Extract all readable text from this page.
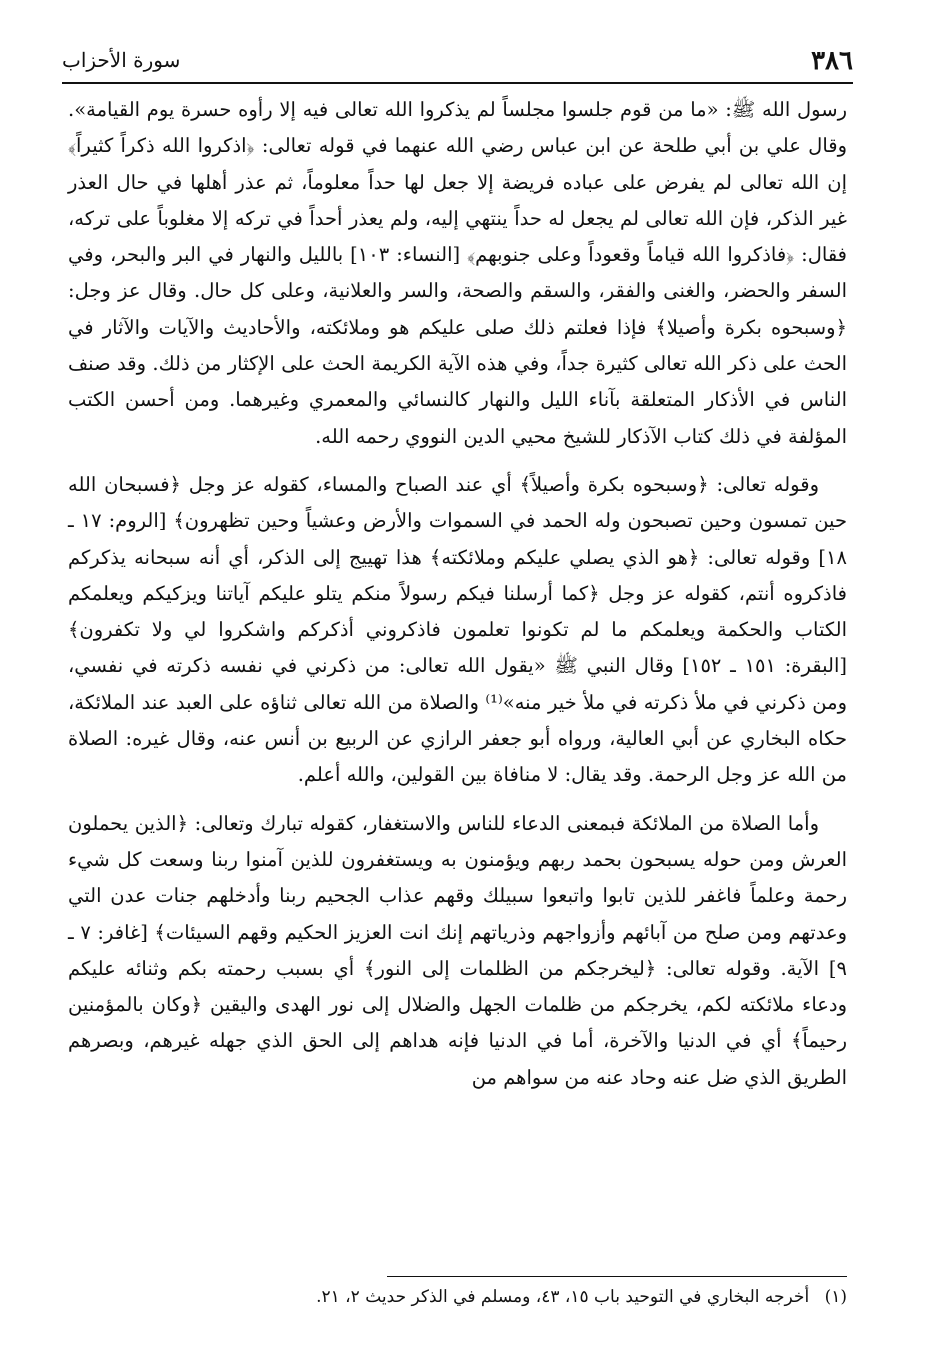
٣٨٦
سورة الأحزاب

رسول الله ﷺ: «ما من قوم جلسوا مجلساً لم يذكروا الله تعالى فيه إلا رأوه حسرة يوم القيامة». وقال علي بن أبي طلحة عن ابن عباس رضي الله عنهما في قوله تعالى: ﴿اذكروا الله ذكراً كثيراً﴾ إن الله تعالى لم يفرض على عباده فريضة إلا جعل لها حداً معلوماً، ثم عذر أهلها في حال العذر غير الذكر، فإن الله تعالى لم يجعل له حداً ينتهي إليه، ولم يعذر أحداً في تركه إلا مغلوباً على تركه، فقال: ﴿فاذكروا الله قياماً وقعوداً وعلى جنوبهم﴾ [النساء: ١٠٣] بالليل والنهار في البر والبحر، وفي السفر والحضر، والغنى والفقر، والسقم والصحة، والسر والعلانية، وعلى كل حال. وقال عز وجل: ﴿وسبحوه بكرة وأصيلا﴾ فإذا فعلتم ذلك صلى عليكم هو وملائكته، والأحاديث والآيات والآثار في الحث على ذكر الله تعالى كثيرة جداً، وفي هذه الآية الكريمة الحث على الإكثار من ذلك. وقد صنف الناس في الأذكار المتعلقة بآناء الليل والنهار كالنسائي والمعمري وغيرهما. ومن أحسن الكتب المؤلفة في ذلك كتاب الآذكار للشيخ محيي الدين النووي رحمه الله.

وقوله تعالى: ﴿وسبحوه بكرة وأصيلاً﴾ أي عند الصباح والمساء، كقوله عز وجل ﴿فسبحان الله حين تمسون وحين تصبحون وله الحمد في السموات والأرض وعشياً وحين تظهرون﴾ [الروم: ١٧ ـ ١٨] وقوله تعالى: ﴿هو الذي يصلي عليكم وملائكته﴾ هذا تهييج إلى الذكر، أي أنه سبحانه يذكركم فاذكروه أنتم، كقوله عز وجل ﴿كما أرسلنا فيكم رسولاً منكم يتلو عليكم آياتنا ويزكيكم ويعلمكم الكتاب والحكمة ويعلمكم ما لم تكونوا تعلمون فاذكروني أذكركم واشكروا لي ولا تكفرون﴾ [البقرة: ١٥١ ـ ١٥٢] وقال النبي ﷺ «يقول الله تعالى: من ذكرني في نفسه ذكرته في نفسي، ومن ذكرني في ملأ ذكرته في ملأ خير منه»⁽¹⁾ والصلاة من الله تعالى ثناؤه على العبد عند الملائكة، حكاه البخاري عن أبي العالية، ورواه أبو جعفر الرازي عن الربيع بن أنس عنه، وقال غيره: الصلاة من الله عز وجل الرحمة. وقد يقال: لا منافاة بين القولين، والله أعلم.

وأما الصلاة من الملائكة فبمعنى الدعاء للناس والاستغفار، كقوله تبارك وتعالى: ﴿الذين يحملون العرش ومن حوله يسبحون بحمد ربهم ويؤمنون به ويستغفرون للذين آمنوا ربنا وسعت كل شيء رحمة وعلماً فاغفر للذين تابوا واتبعوا سبيلك وقهم عذاب الجحيم ربنا وأدخلهم جنات عدن التي وعدتهم ومن صلح من آبائهم وأزواجهم وذرياتهم إنك انت العزيز الحكيم وقهم السيئات﴾ [غافر: ٧ ـ ٩] الآية. وقوله تعالى: ﴿ليخرجكم من الظلمات إلى النور﴾ أي بسبب رحمته بكم وثنائه عليكم ودعاء ملائكته لكم، يخرجكم من ظلمات الجهل والضلال إلى نور الهدى واليقين ﴿وكان بالمؤمنين رحيماً﴾ أي في الدنيا والآخرة، أما في الدنيا فإنه هداهم إلى الحق الذي جهله غيرهم، وبصرهم الطريق الذي ضل عنه وحاد عنه من سواهم من

(١) أخرجه البخاري في التوحيد باب ١٥، ٤٣، ومسلم في الذكر حديث ٢، ٢١.
